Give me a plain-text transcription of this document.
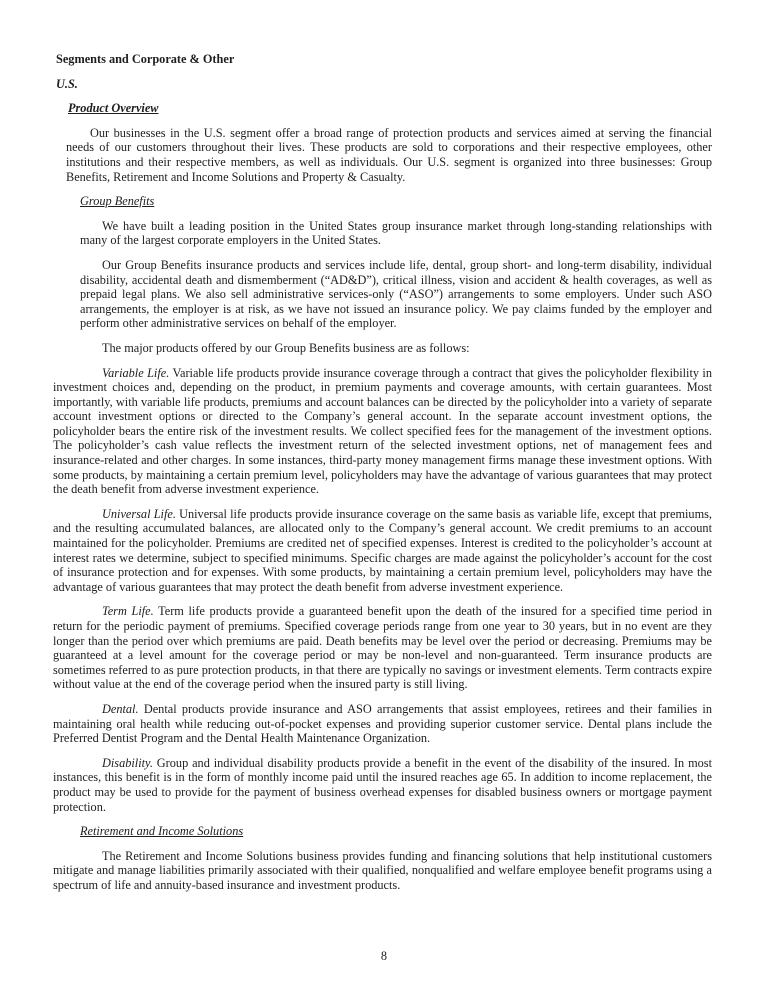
Segments and Corporate & Other
U.S.
Product Overview

Our businesses in the U.S. segment offer a broad range of protection products and services aimed at serving the financial needs of our customers throughout their lives. These products are sold to corporations and their respective employees, other institutions and their respective members, as well as individuals. Our U.S. segment is organized into three businesses: Group Benefits, Retirement and Income Solutions and Property & Casualty.

Group Benefits

We have built a leading position in the United States group insurance market through long-standing relationships with many of the largest corporate employers in the United States.

Our Group Benefits insurance products and services include life, dental, group short- and long-term disability, individual disability, accidental death and dismemberment (“AD&D”), critical illness, vision and accident & health coverages, as well as prepaid legal plans. We also sell administrative services-only (“ASO”) arrangements to some employers. Under such ASO arrangements, the employer is at risk, as we have not issued an insurance policy. We pay claims funded by the employer and perform other administrative services on behalf of the employer.

The major products offered by our Group Benefits business are as follows:

Variable Life. Variable life products provide insurance coverage through a contract that gives the policyholder flexibility in investment choices and, depending on the product, in premium payments and coverage amounts, with certain guarantees. Most importantly, with variable life products, premiums and account balances can be directed by the policyholder into a variety of separate account investment options or directed to the Company’s general account. In the separate account investment options, the policyholder bears the entire risk of the investment results. We collect specified fees for the management of the investment options. The policyholder’s cash value reflects the investment return of the selected investment options, net of management fees and insurance-related and other charges. In some instances, third-party money management firms manage these investment options. With some products, by maintaining a certain premium level, policyholders may have the advantage of various guarantees that may protect the death benefit from adverse investment experience.

Universal Life. Universal life products provide insurance coverage on the same basis as variable life, except that premiums, and the resulting accumulated balances, are allocated only to the Company’s general account. We credit premiums to an account maintained for the policyholder. Premiums are credited net of specified expenses. Interest is credited to the policyholder’s account at interest rates we determine, subject to specified minimums. Specific charges are made against the policyholder’s account for the cost of insurance protection and for expenses. With some products, by maintaining a certain premium level, policyholders may have the advantage of various guarantees that may protect the death benefit from adverse investment experience.

Term Life. Term life products provide a guaranteed benefit upon the death of the insured for a specified time period in return for the periodic payment of premiums. Specified coverage periods range from one year to 30 years, but in no event are they longer than the period over which premiums are paid. Death benefits may be level over the period or decreasing. Premiums may be guaranteed at a level amount for the coverage period or may be non-level and non-guaranteed. Term insurance products are sometimes referred to as pure protection products, in that there are typically no savings or investment elements. Term contracts expire without value at the end of the coverage period when the insured party is still living.

Dental. Dental products provide insurance and ASO arrangements that assist employees, retirees and their families in maintaining oral health while reducing out-of-pocket expenses and providing superior customer service. Dental plans include the Preferred Dentist Program and the Dental Health Maintenance Organization.

Disability. Group and individual disability products provide a benefit in the event of the disability of the insured. In most instances, this benefit is in the form of monthly income paid until the insured reaches age 65. In addition to income replacement, the product may be used to provide for the payment of business overhead expenses for disabled business owners or mortgage payment protection.

Retirement and Income Solutions

The Retirement and Income Solutions business provides funding and financing solutions that help institutional customers mitigate and manage liabilities primarily associated with their qualified, nonqualified and welfare employee benefit programs using a spectrum of life and annuity-based insurance and investment products.

8
